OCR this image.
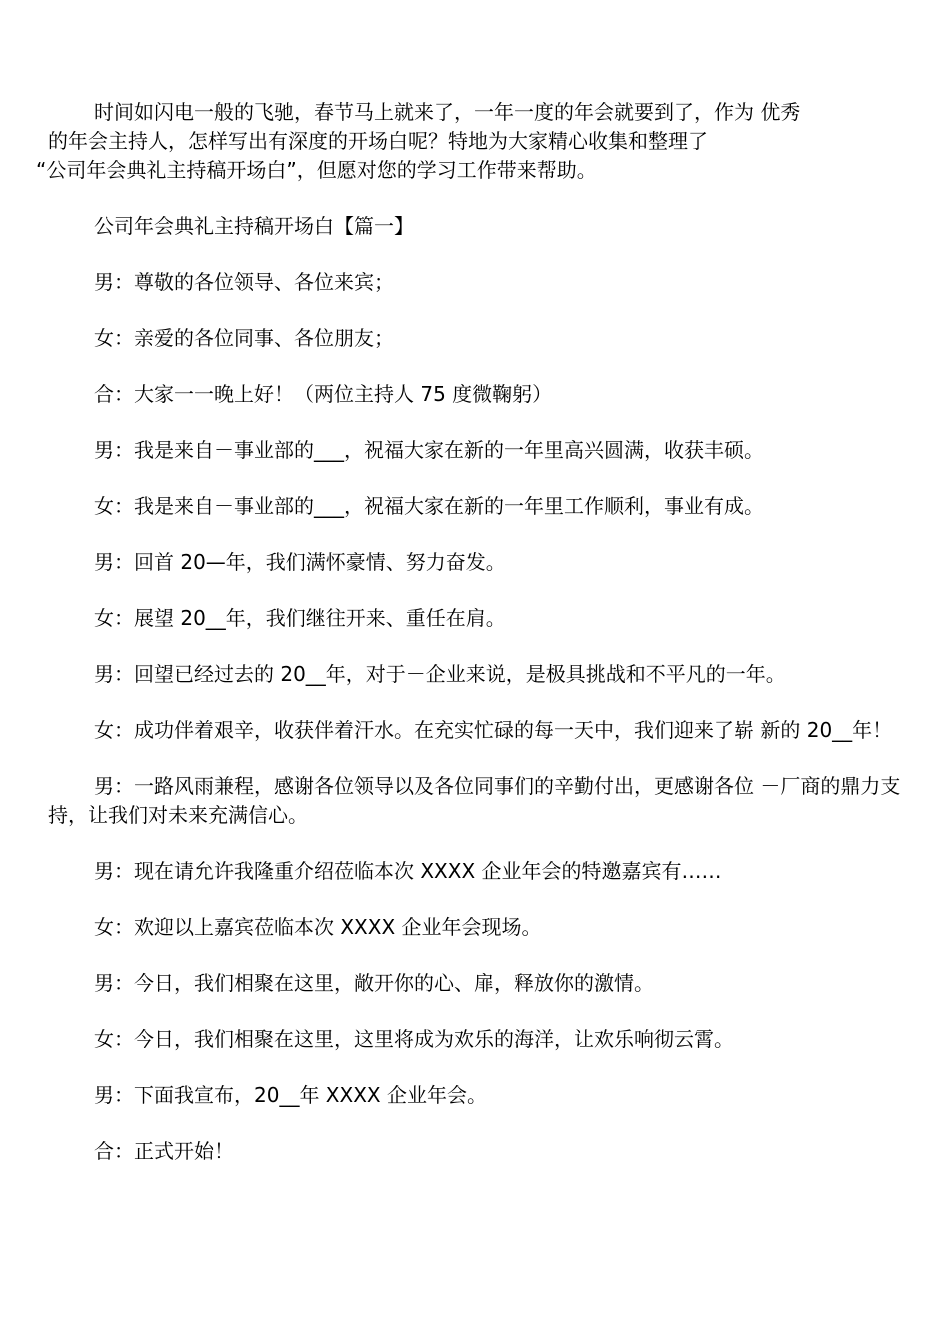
时间如闪电一般的飞驰，春节马上就来了，一年一度的年会就要到了，作为 优秀

的年会主持人，怎样写出有深度的开场白呢？特地为大家精心收集和整理了

“公司年会典礼主持稿开场白”，但愿对您的学习工作带来帮助。

公司年会典礼主持稿开场白【篇一】

男：尊敬的各位领导、各位来宾；

女：亲爱的各位同事、各位朋友；

合：大家一一晚上好！（两位主持人 75 度微鞠躬）

男：我是来自－事业部的___，祝福大家在新的一年里高兴圆满，收获丰硕。

女：我是来自－事业部的___，祝福大家在新的一年里工作顺利，事业有成。

男：回首 20—年，我们满怀豪情、努力奋发。

女：展望 20__年，我们继往开来、重任在肩。

男：回望已经过去的 20__年，对于－企业来说，是极具挑战和不平凡的一年。

女：成功伴着艰辛，收获伴着汗水。在充实忙碌的每一天中，我们迎来了崭 新的 20__年！

男：一路风雨兼程，感谢各位领导以及各位同事们的辛勤付出，更感谢各位 －厂商的鼎力支持，让我们对未来充满信心。

男：现在请允许我隆重介绍莅临本次 XXXX 企业年会的特邀嘉宾有……

女：欢迎以上嘉宾莅临本次 XXXX 企业年会现场。

男：今日，我们相聚在这里，敞开你的心、扉，释放你的激情。

女：今日，我们相聚在这里，这里将成为欢乐的海洋，让欢乐响彻云霄。

男：下面我宣布，20__年 XXXX 企业年会。

合：正式开始！
